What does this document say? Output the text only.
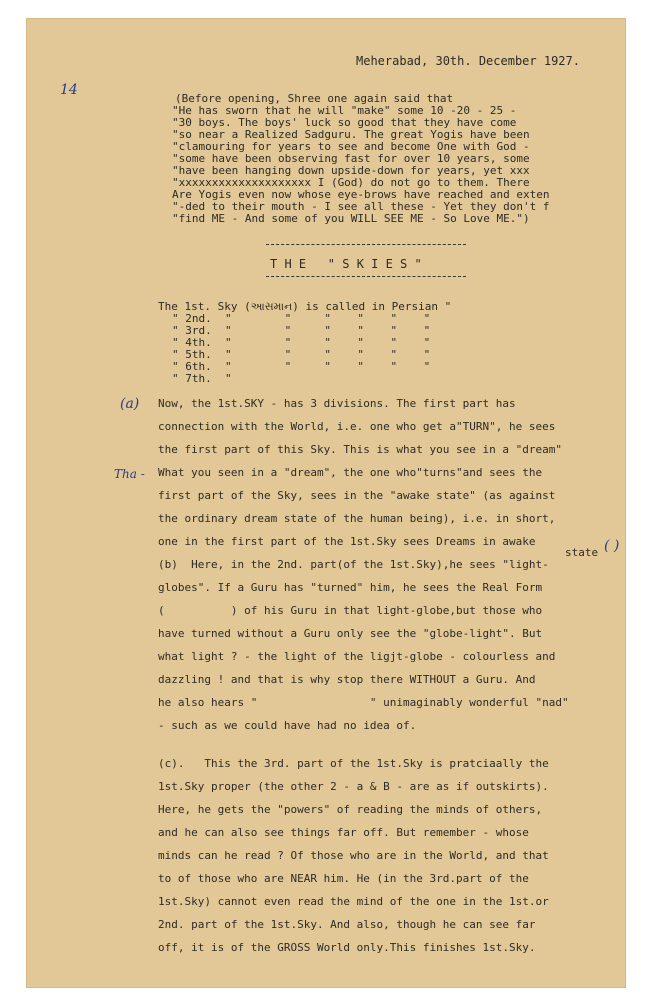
Meherabad, 30th. December 1927.
14
(Before opening, Shree one again said that
"He has sworn that he will "make" some 10 -20 - 25 -
"30 boys. The boys' luck so good that they have come
"so near a Realized Sadguru. The great Yogis have been
"clamouring for years to see and become One with God -
"some have been observing fast for over 10 years, some
"have been hanging down upside-down for years, yet xxx
"xxxxxxxxxxxxxxxxxxxx I (God) do not go to them. There
Are Yogis even now whose eye-brows have reached and exten
"-ded to their mouth - I see all these - Yet they don't f
"find ME - And some of you WILL SEE ME - So Love ME.")
T H E   " S K I E S "
The 1st. Sky (આસમાન) is called in Persian "
" 2nd.  "        "     "    "    "    "
" 3rd.  "        "     "    "    "    "
" 4th.  "        "     "    "    "    "
" 5th.  "        "     "    "    "    "
" 6th.  "        "     "    "    "    "
" 7th.  "
(a)
Tha -
state ( )
Now, the 1st.SKY - has 3 divisions. The first part has
connection with the World, i.e. one who get a"TURN", he sees
the first part of this Sky. This is what you see in a "dream"
What you seen in a "dream", the one who"turns"and sees the
first part of the Sky, sees in the "awake state" (as against
the ordinary dream state of the human being), i.e. in short,
one in the first part of the 1st.Sky sees Dreams in awake
(b)  Here, in the 2nd. part(of the 1st.Sky),he sees "light-
globes". If a Guru has "turned" him, he sees the Real Form
(          ) of his Guru in that light-globe,but those who
have turned without a Guru only see the "globe-light". But
what light ? - the light of the ligjt-globe - colourless and
dazzling ! and that is why stop there WITHOUT a Guru. And
he also hears "                 " unimaginably wonderful "nad"
- such as we could have had no idea of.
(c).   This the 3rd. part of the 1st.Sky is pratciaally the
1st.Sky proper (the other 2 - a & B - are as if outskirts).
Here, he gets the "powers" of reading the minds of others,
and he can also see things far off. But remember - whose
minds can he read ? Of those who are in the World, and that
to of those who are NEAR him. He (in the 3rd.part of the
1st.Sky) cannot even read the mind of the one in the 1st.or
2nd. part of the 1st.Sky. And also, though he can see far
off, it is of the GROSS World only.This finishes 1st.Sky.
